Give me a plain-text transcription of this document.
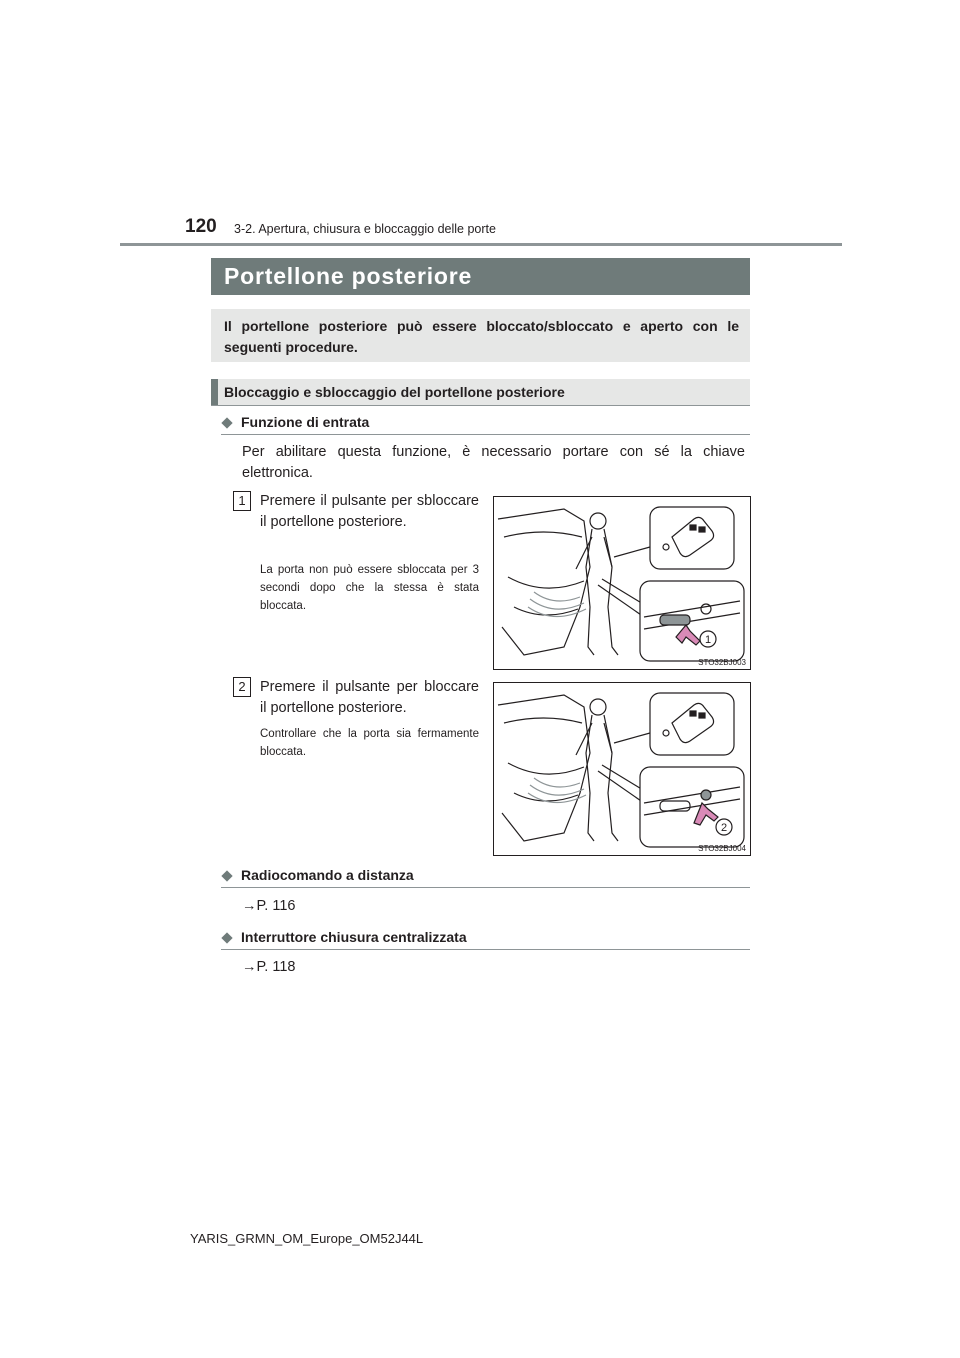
120 3-2. Apertura, chiusura e bloccaggio delle porte
Portellone posteriore
Il portellone posteriore può essere bloccato/sbloccato e aperto con le seguenti procedure.
Bloccaggio e sbloccaggio del portellone posteriore
Funzione di entrata
Per abilitare questa funzione, è necessario portare con sé la chiave elettronica.
1 Premere il pulsante per sbloccare il portellone posteriore.
La porta non può essere sbloccata per 3 secondi dopo che la stessa è stata bloccata.
1
STO32BJ003
2 Premere il pulsante per bloccare il portellone posteriore.
Controllare che la porta sia fermamente bloccata.
2
STO32BJ004
Radiocomando a distanza
→P. 116
Interruttore chiusura centralizzata
→P. 118
YARIS_GRMN_OM_Europe_OM52J44L
